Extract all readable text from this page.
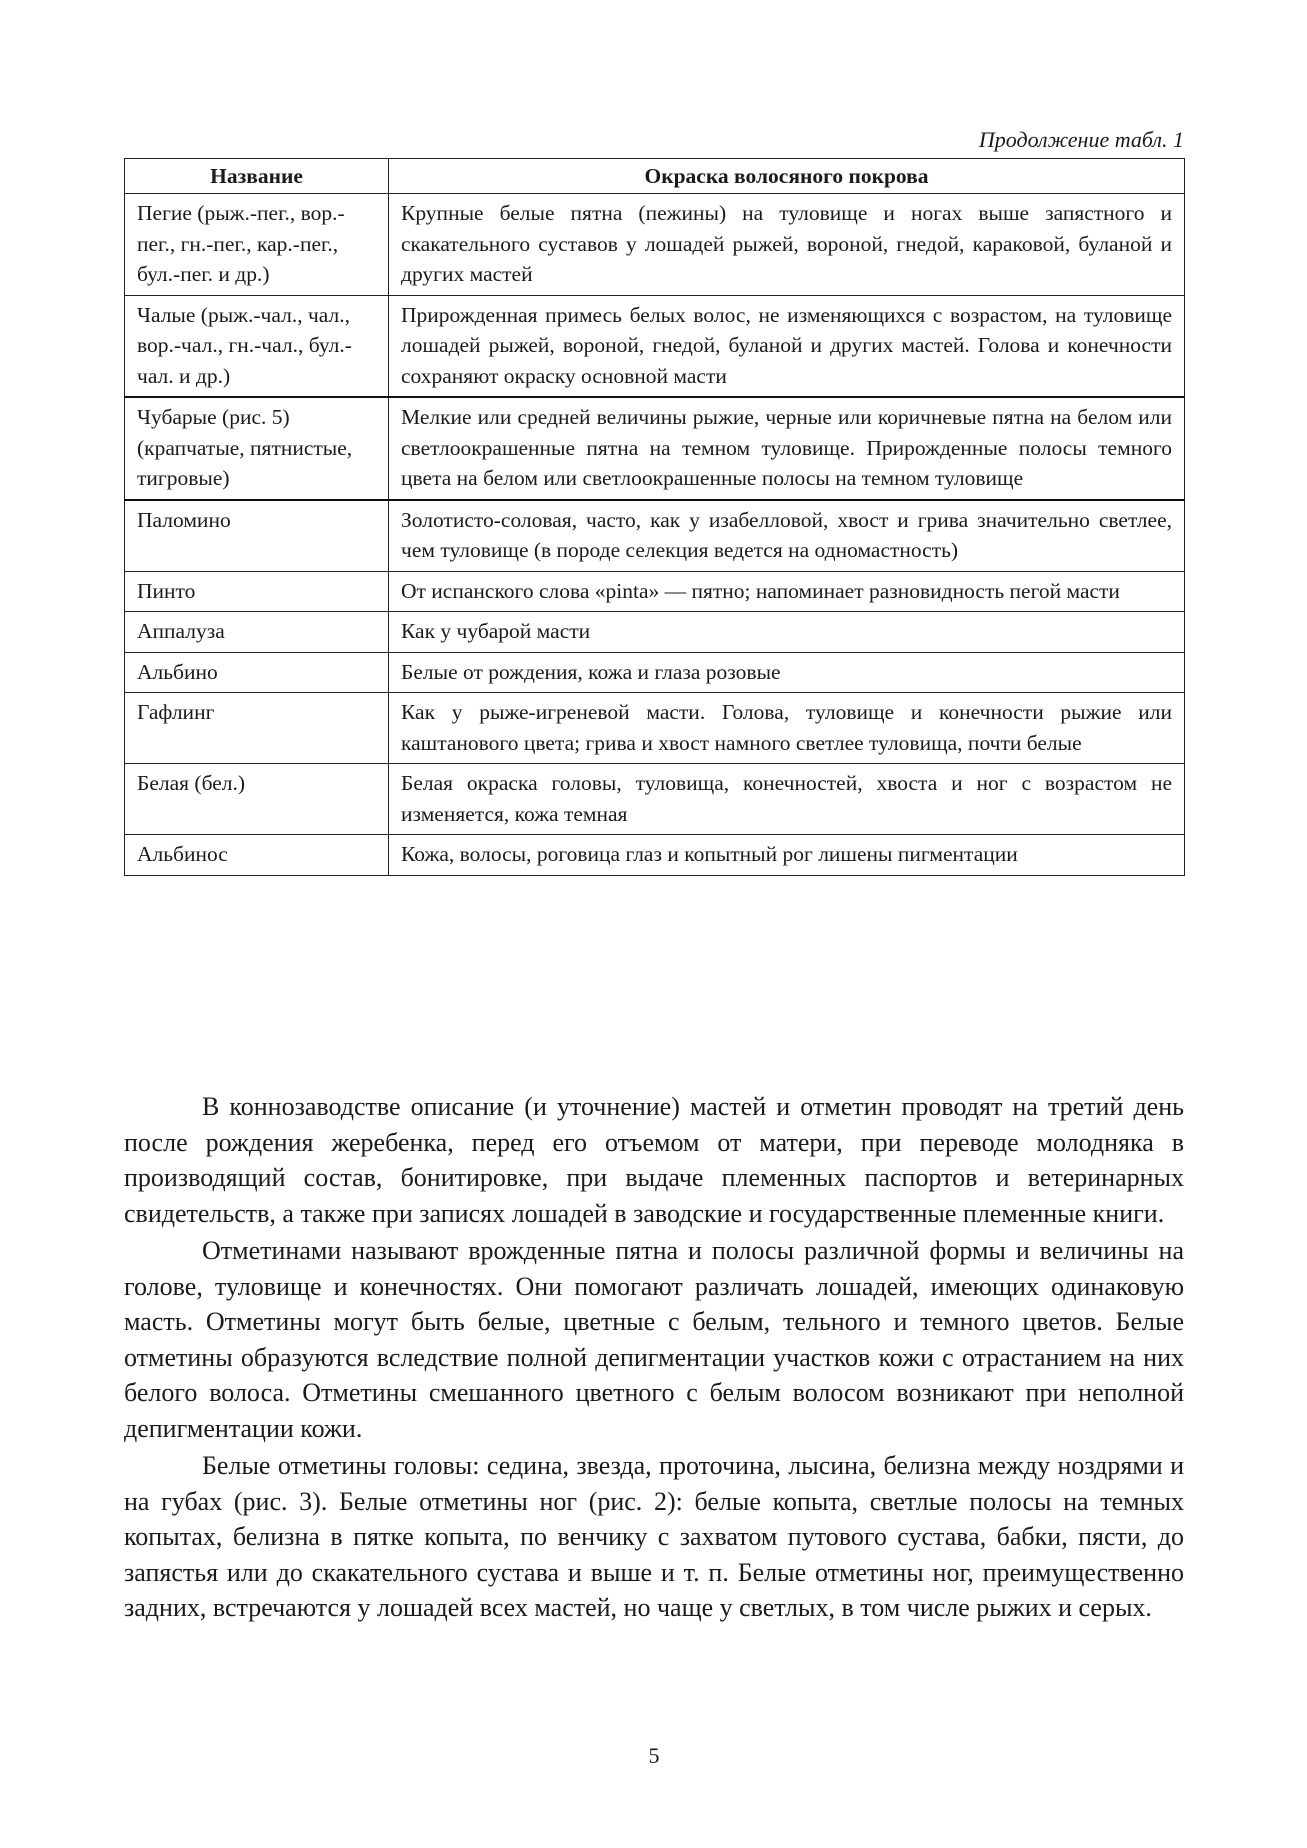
Продолжение табл. 1
Название	Окраска волосяного покрова
Пегие (рыж.-пег., вор.-пег., гн.-пег., кар.-пег., бул.-пег. и др.)	Крупные белые пятна (пежины) на туловище и ногах выше запястного и скакательного суставов у лошадей рыжей, вороной, гнедой, караковой, буланой и других мастей
Чалые (рыж.-чал., чал., вор.-чал., гн.-чал., бул.-чал. и др.)	Прирожденная примесь белых волос, не изменяющихся с возрастом, на туловище лошадей рыжей, вороной, гнедой, буланой и других мастей. Голова и конечности сохраняют окраску основной масти
Чубарые (рис. 5) (крапчатые, пятнистые, тигровые)	Мелкие или средней величины рыжие, черные или коричневые пятна на белом или светлоокрашенные пятна на темном туловище. Прирожденные полосы темного цвета на белом или светлоокрашенные полосы на темном туловище
Паломино	Золотисто-соловая, часто, как у изабелловой, хвост и грива значительно светлее, чем туловище (в породе селекция ведется на одномастность)
Пинто	От испанского слова «pinta» — пятно; напоминает разновидность пегой масти
Аппалуза	Как у чубарой масти
Альбино	Белые от рождения, кожа и глаза розовые
Гафлинг	Как у рыже-игреневой масти. Голова, туловище и конечности рыжие или каштанового цвета; грива и хвост намного светлее туловища, почти белые
Белая (бел.)	Белая окраска головы, туловища, конечностей, хвоста и ног с возрастом не изменяется, кожа темная
Альбинос	Кожа, волосы, роговица глаз и копытный рог лишены пигментации

В коннозаводстве описание (и уточнение) мастей и отметин проводят на третий день после рождения жеребенка, перед его отъемом от матери, при переводе молодняка в производящий состав, бонитировке, при выдаче племенных паспортов и ветеринарных свидетельств, а также при записях лошадей в заводские и государственные племенные книги.

Отметинами называют врожденные пятна и полосы различной формы и величины на голове, туловище и конечностях. Они помогают различать лошадей, имеющих одинаковую масть. Отметины могут быть белые, цветные с белым, тельного и темного цветов. Белые отметины образуются вследствие полной депигментации участков кожи с отрастанием на них белого волоса. Отметины смешанного цветного с белым волосом возникают при неполной депигментации кожи.

Белые отметины головы: седина, звезда, проточина, лысина, белизна между ноздрями и на губах (рис. 3). Белые отметины ног (рис. 2): белые копыта, светлые полосы на темных копытах, белизна в пятке копыта, по венчику с захватом путового сустава, бабки, пясти, до запястья или до скакательного сустава и выше и т. п. Белые отметины ног, преимущественно задних, встречаются у лошадей всех мастей, но чаще у светлых, в том числе рыжих и серых.

5
